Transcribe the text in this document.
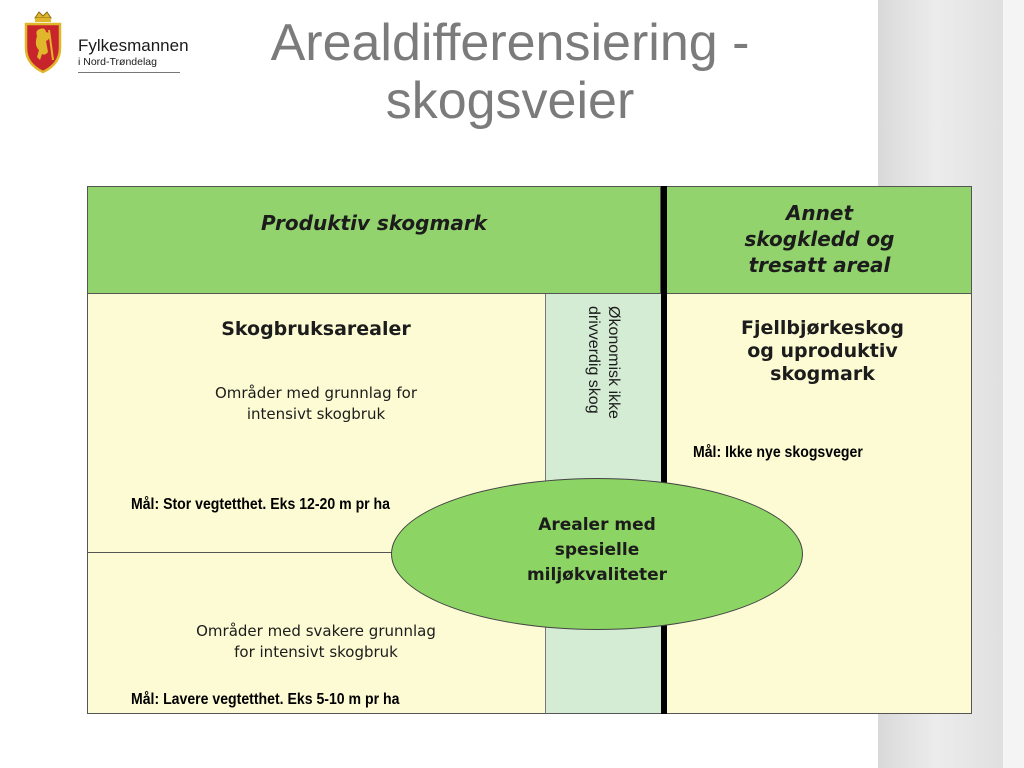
Fylkesmannen
i Nord-Trøndelag	Arealdifferensiering -
skogsveier
Produktiv skogmark	Annet
skogkledd og
tresatt areal
Skogbruksarealer
Områder med grunnlag for
intensivt skogbruk
Mål: Stor vegtetthet. Eks 12-20 m pr ha
Områder med svakere grunnlag
for intensivt skogbruk
Mål: Lavere vegtetthet. Eks 5-10 m pr ha
Økonomisk ikke
drivverdig skog	Fjellbjørkeskog
og uproduktiv
skogmark
Mål: Ikke nye skogsveger
Arealer med
spesielle
miljøkvaliteter
